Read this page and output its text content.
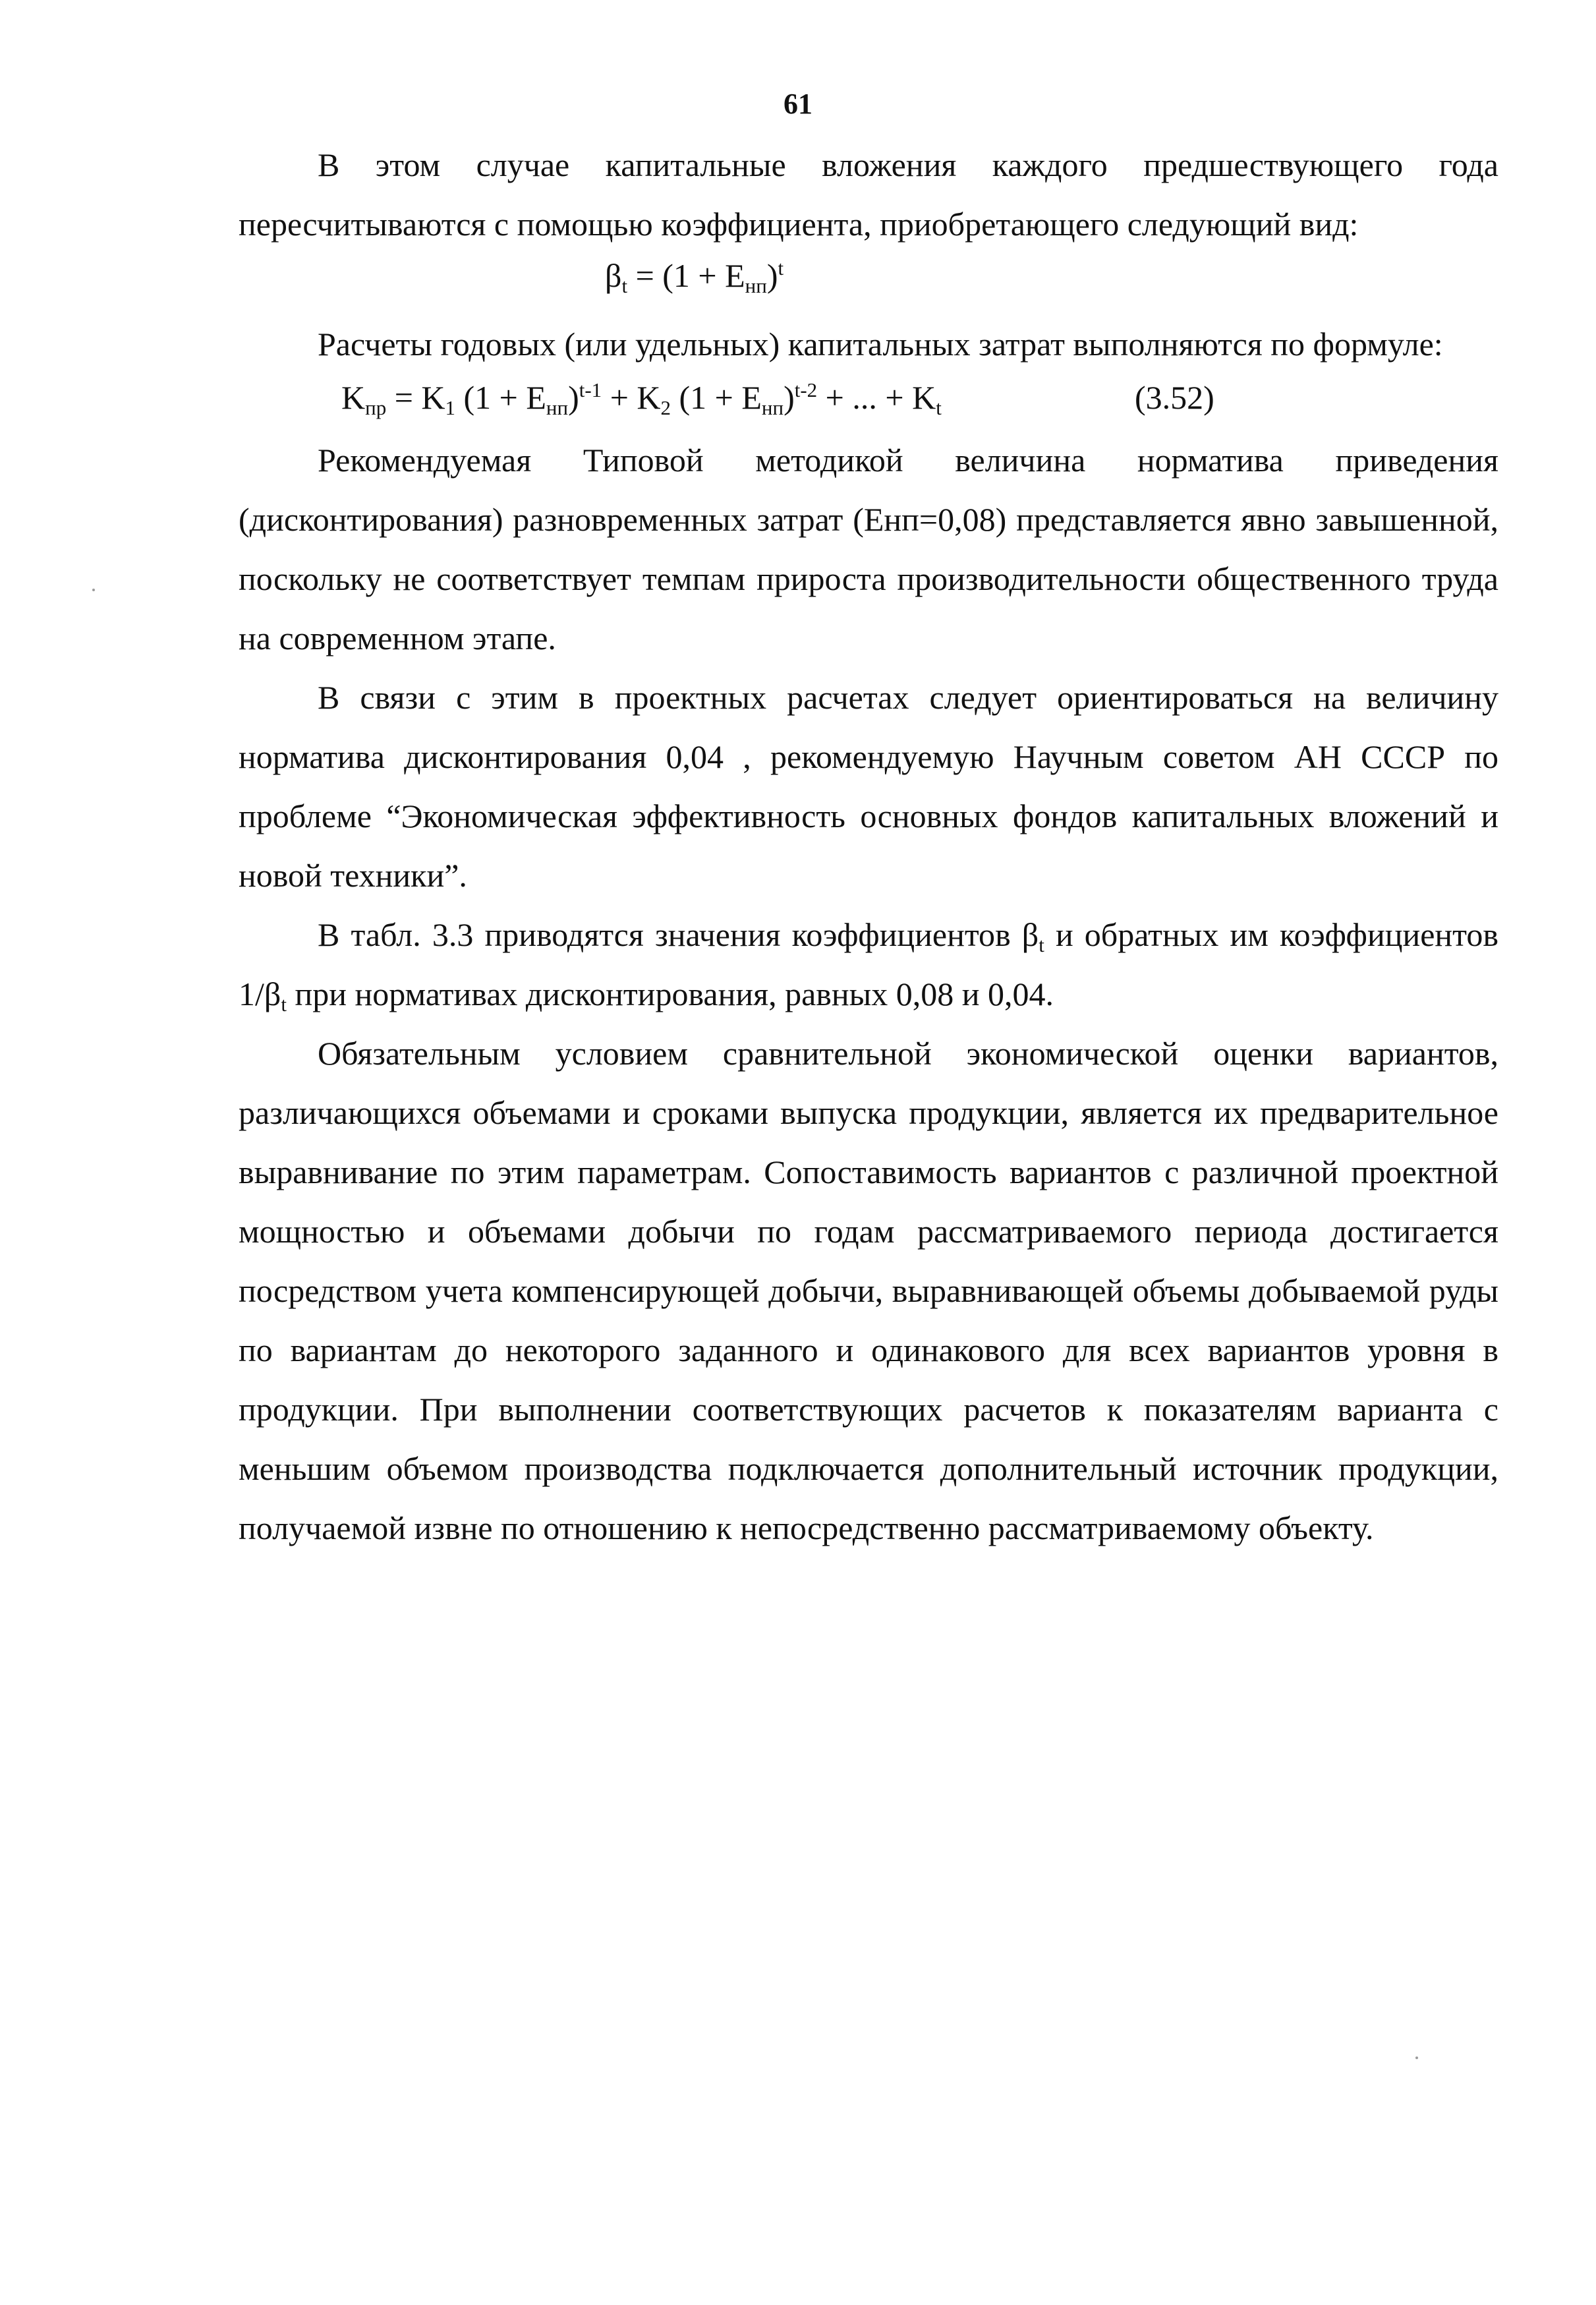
61

В этом случае капитальные вложения каждого предшествующего года пересчитываются с помощью коэффициента, приобретающего следующий вид:

$\beta_t = (1 + E_{нп})^t$

Расчеты годовых (или удельных) капитальных затрат выполняются по формуле:

$K_{пр} = K_1$ $(1 + E_{нп})^{t-1} + K_2$ $(1 + E_{нп})^{t-2}$ + ... + $K_t$	(3.52)

Рекомендуемая Типовой методикой величина норматива приведения (дисконтирования) разновременных затрат (Eнп=0,08) представляется явно завышенной, поскольку не соответствует темпам прироста производительности общественного труда на современном этапе.

В связи с этим в проектных расчетах следует ориентироваться на величину норматива дисконтирования 0,04 , рекомендуемую Научным советом АН СССР по проблеме “Экономическая эффективность основных фондов капитальных вложений и новой техники”.

В табл. 3.3 приводятся значения коэффициентов $\beta_t$ и обратных им коэффициентов $1/\beta_t$ при нормативах дисконтирования, равных 0,08 и 0,04.

Обязательным условием сравнительной экономической оценки вариантов, различающихся объемами и сроками выпуска продукции, является их предварительное выравнивание по этим параметрам. Сопоставимость вариантов с различной проектной мощностью и объемами добычи по годам рассматриваемого периода достигается посредством учета компенсирующей добычи, выравнивающей объемы добываемой руды по вариантам до некоторого заданного и одинакового для всех вариантов уровня в продукции. При выполнении соответствующих расчетов к показателям варианта с меньшим объемом производства подключается дополнительный источник продукции, получаемой извне по отношению к непосредственно рассматриваемому объекту.
